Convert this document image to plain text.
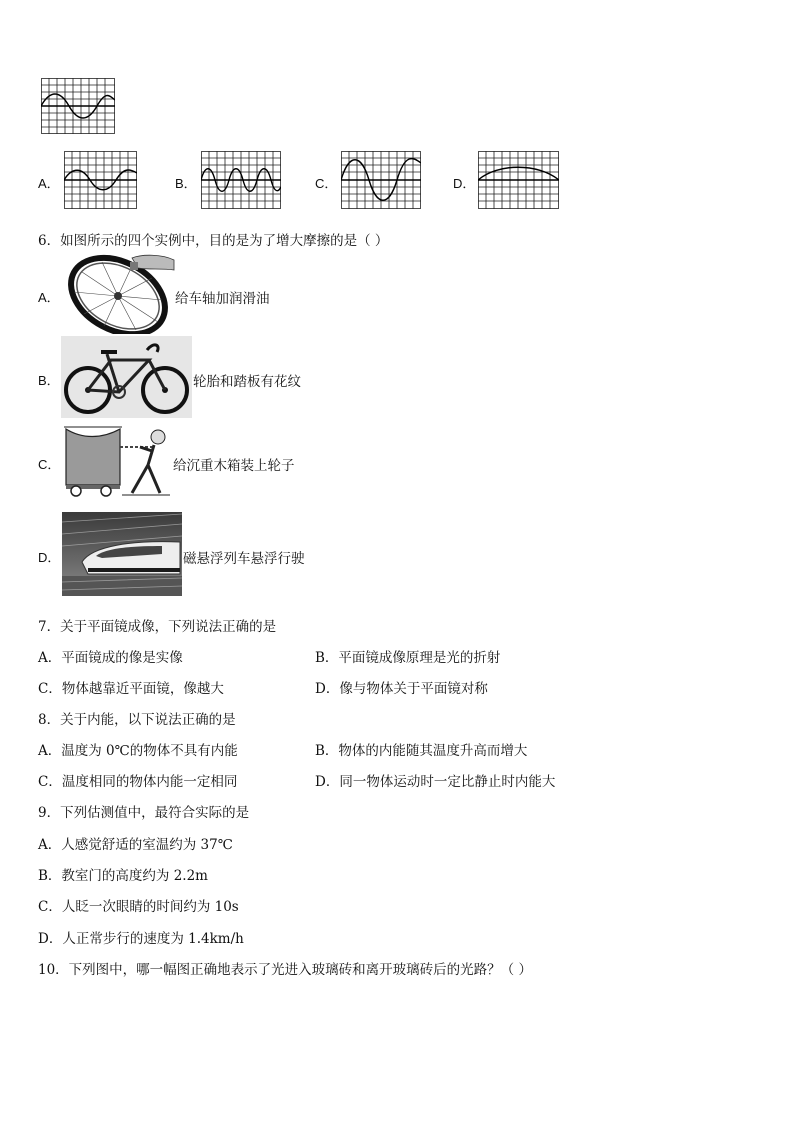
A．	B．	C．	D．
6．如图所示的四个实例中，目的是为了增大摩擦的是（ ）
A．	给车轴加润滑油
B．	轮胎和踏板有花纹
C．	给沉重木箱装上轮子
D．	磁悬浮列车悬浮行驶
7．关于平面镜成像，下列说法正确的是
A．平面镜成的像是实像	B．平面镜成像原理是光的折射
C．物体越靠近平面镜，像越大	D．像与物体关于平面镜对称
8．关于内能，以下说法正确的是
A．温度为 0℃的物体不具有内能	B．物体的内能随其温度升高而增大
C．温度相同的物体内能一定相同	D．同一物体运动时一定比静止时内能大
9．下列估测值中，最符合实际的是
A．人感觉舒适的室温约为 37℃
B．教室门的高度约为 2.2m
C．人眨一次眼睛的时间约为 10s
D．人正常步行的速度为 1.4km/h
10．下列图中，哪一幅图正确地表示了光进入玻璃砖和离开玻璃砖后的光路？（ ）
